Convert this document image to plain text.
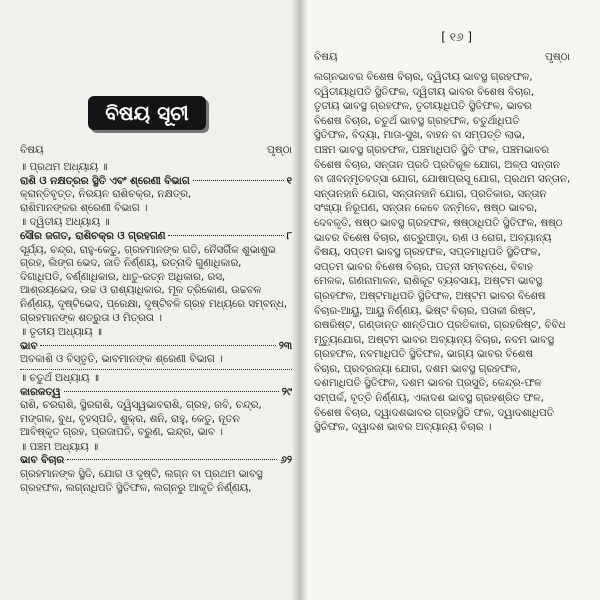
ବିଷୟ ସୂଚୀ
ବିଷୟ	ପୃଷ୍ଠା
॥ ପ୍ରଥମ ଅଧ୍ୟାୟ ॥
ରାଶି ଓ ନକ୍ଷତ୍ରର ସ୍ଥିତି ଏବଂ ଶ୍ରେଣୀ ବିଭାଗ	୧
କ୍ରାନ୍ତିବୃତ୍ତ, ନିରୟନ ରାଶିଚକ୍ର, ନକ୍ଷତ୍ର,
ରାଶିମାନଙ୍କର ଶ୍ରେଣୀ ବିଭାଗ ।
॥ ଦ୍ୱିତୀୟ ଅଧ୍ୟାୟ ॥
ସୌର ଜଗତ, ରାଶିଚକ୍ର ଓ ଗ୍ରହଗଣ	୮
ସୂର୍ଯ୍ୟ, ଚନ୍ଦ୍ର, ରାହୁ-କେତୁ, ଗ୍ରହମାନଙ୍କ ଗତି, ନୈସର୍ଗିକ ଶୁଭାଶୁଭ
ଗ୍ରହ, ଲିଙ୍ଗ ଭେଦ, ଜାତି ନିର୍ଣ୍ଣୟ, ରତ୍ନାଦି ଗୁଣାଧିକାର,
ଦିଗାଧିପତି, ବର୍ଣ୍ଣାଧିକାର, ଧାତୁ-ରତ୍ନ ଅଧିକାର, ରସ,
ଆଶ୍ରୟଭେଦ, ଉଚ୍ଚ ଓ ରାଶ୍ୟାଧିକାର, ମୂଳ ତ୍ରିକୋଣ, ଉଚ୍ଚବଳ
ନିର୍ଣ୍ଣୟ, ଦୃଷ୍ଟିଭେଦ, ପ୍ରେକ୍ଷା, ଦୃଷ୍ଟିବଳି ଗ୍ରହ ମଧ୍ୟରେ ସମ୍ବନ୍ଧ,
ଗ୍ରହମାନଙ୍କ ଶତ୍ରୁତା ଓ ମିତ୍ରତା ।
॥ ତୃତୀୟ ଅଧ୍ୟାୟ ॥
ଭାବ	୨୩
ଅବକାଶି ଓ ବିସ୍ତୃତି, ଭାବମାନଙ୍କ ଶ୍ରେଣୀ ବିଭାଗ ।
॥ ଚତୁର୍ଥ ଅଧ୍ୟାୟ ॥
କାରକତ୍ୱ	୨୯
ରାଶି, ଚରରାଶି, ସ୍ଥିରରାଶି, ଦ୍ୱିସ୍ୱଭାବରାଶି, ଗ୍ରହ, ରବି, ଚନ୍ଦ୍ର,
ମଙ୍ଗଳ, ବୁଧ, ବୃହସ୍ପତି, ଶୁକ୍ର, ଶନି, ରାହୁ, କେତୁ, ନୂତନ
ଆବିଷ୍କୃତ ଗ୍ରହ, ପ୍ରଜାପତି, ବରୁଣ, ଇନ୍ଦ୍ର, ଭାବ ।
॥ ପଞ୍ଚମ ଅଧ୍ୟାୟ ॥
ଭାବ ବିଚାର	୬୨
ଗ୍ରହମାନଙ୍କ ସ୍ଥିତି, ଯୋଗ ଓ ଦୃଷ୍ଟି, ଲଗ୍ନ ବା ପ୍ରଥମ ଭାବସ୍ଥ
ଗ୍ରହଫଳ, ଲଗ୍ନାଧିପତି ସ୍ଥିତିଫଳ, ଲଗ୍ନରୁ ଆକୃତି ନିର୍ଣ୍ଣୟ,
[ ୧୬ ]
ବିଷୟ	ପୃଷ୍ଠା
ଲଗ୍ନଭାବର ବିଶେଷ ବିଚାର, ଦ୍ୱିତୀୟ ଭାବସ୍ଥ ଗ୍ରହଫଳ,
ଦ୍ୱିତୀୟାଧିପତି ସ୍ଥିତିଫଳ, ଦ୍ୱିତୀୟ ଭାବର ବିଶେଷ ବିଚାର,
ତୃତୀୟ ଭାବସ୍ଥ ଗ୍ରହଫଳ, ତୃତୀୟାଧିପତି ସ୍ଥିତିଫଳ, ଭାବର
ବିଶେଷ ବିଚାର, ଚତୁର୍ଥ ଭାବସ୍ଥ ଗ୍ରହଫଳ, ଚତୁର୍ଥାଧିପତି
ସ୍ଥିତିଫଳ, ବିଦ୍ୟା, ମାତା-ସୁଖ, ବାହନ ବା ସମ୍ପତ୍ତି ଲାଭ,
ପଞ୍ଚମ ଭାବସ୍ଥ ଗ୍ରହଫଳ, ପଞ୍ଚମାଧିପତି ସ୍ଥିତି ଫଳ, ପଞ୍ଚମଭାବର
ବିଶେଷ ବିଚାର, ସନ୍ତାନ ପ୍ରତି ପ୍ରତିକୂଳ ଯୋଗ, ଅଳ୍ପ ସନ୍ତାନ
ବା ଜୀବନ୍ମୃତବତ୍ସା ଯୋଗ, ଯୋଷାପ୍ରସୂ ଯୋଗ, ପ୍ରଥମ ସନ୍ତାନ,
ସନ୍ତାନହାନି ଯୋଗ, ସନ୍ତାନହାନି ଯୋଗ, ପ୍ରତିକାର, ସନ୍ତାନ
ସଂଖ୍ୟା ନିରୂପଣ, ସନ୍ତାନ କେବେ ଜନ୍ମିବେ, ଷଷ୍ଠ ଭାବର,
ଦେବକୃତି, ଷଷ୍ଠ ଭାବସ୍ଥ ଗ୍ରହଫଳ, ଷଷ୍ଠାଧିପତି ସ୍ଥିତିଫଳ, ଷଷ୍ଠ
ଭାବର ବିଶେଷ ବିଚାର, ଶତ୍ରୁପୀଡ଼ା, ଋଣ ଓ ରୋଗ, ଅବ୍ୟାନ୍ୟ
ବିଷୟ, ସପ୍ତମ ଭାବସ୍ଥ ଗ୍ରହଫଳ, ସପ୍ତମାଧିପତି ସ୍ଥିତିଫଳ,
ସପ୍ତମ ଭାବର ବିଶେଷ ବିଚାର, ପତ୍ନୀ ସମ୍ବନ୍ଧେ, ବିବାହ
ମେଳକ, ଗଣନାମାଳନ, ରାଶିକୂଟ ବ୍ୟବସାୟ, ଅଷ୍ଟମ ଭାବସ୍ଥ
ଗ୍ରହଫଳ, ଅଷ୍ଟମାଧିପତି ସ୍ଥିତିଫଳ, ଅଷ୍ଟମ ଭାବର ବିଶେଷ
ବିଚାର-ଆୟୁ, ଆୟୁ ନିର୍ଣ୍ଣୟ, ଭିଷ୍ଟ ବିଚାର, ପତାକୀ ରିଷ୍ଟ,
ରଷରିଷ୍ଟ, ଗଣ୍ଡାନ୍ତ ଶାନ୍ତିପାଠ ପ୍ରତିକାର, ଗ୍ରହରିଷ୍ଟ, ବିବିଧ
ମୃତ୍ୟୁଯୋଗ, ଅଷ୍ଟମ ଭାବର ଅବ୍ୟାନ୍ୟ ବିଚାର, ନବମ ଭାବସ୍ଥ
ଗ୍ରହଫଳ, ନବମାଧିପତି ସ୍ଥିତିଫଳ, ଭାଗ୍ୟ ଭାବର ବିଶେଷ
ବିଚାର, ପ୍ରବ୍ରଜ୍ୟା ଯୋଗ, ଦଶମ ଭାବସ୍ଥ ଗ୍ରହଫଳ,
ଦଶମାଧିପତି ସ୍ଥିତିଫଳ, ଦଶମ ଭାବର ପ୍ରସୁତି, କେନ୍ଦ୍ର-ଫଳ
ସମ୍ପର୍କ, ବୃତ୍ତି ନିର୍ଣ୍ଣୟ, ଏକାଦଶ ଭାବସ୍ଥ ଗ୍ରହଶ୍ରିତ ଫଳ,
ବିଶେଷ ବିଚାର, ଦ୍ୱାଦଶଭାବର ଗ୍ରହସ୍ଥିତି ଫଳ, ଦ୍ୱାଦଶାଧିପତି
ସ୍ଥିତିଫଳ, ଦ୍ୱାଦଶ ଭାବର ଅବ୍ୟାନ୍ୟ ବିଚାର ।
